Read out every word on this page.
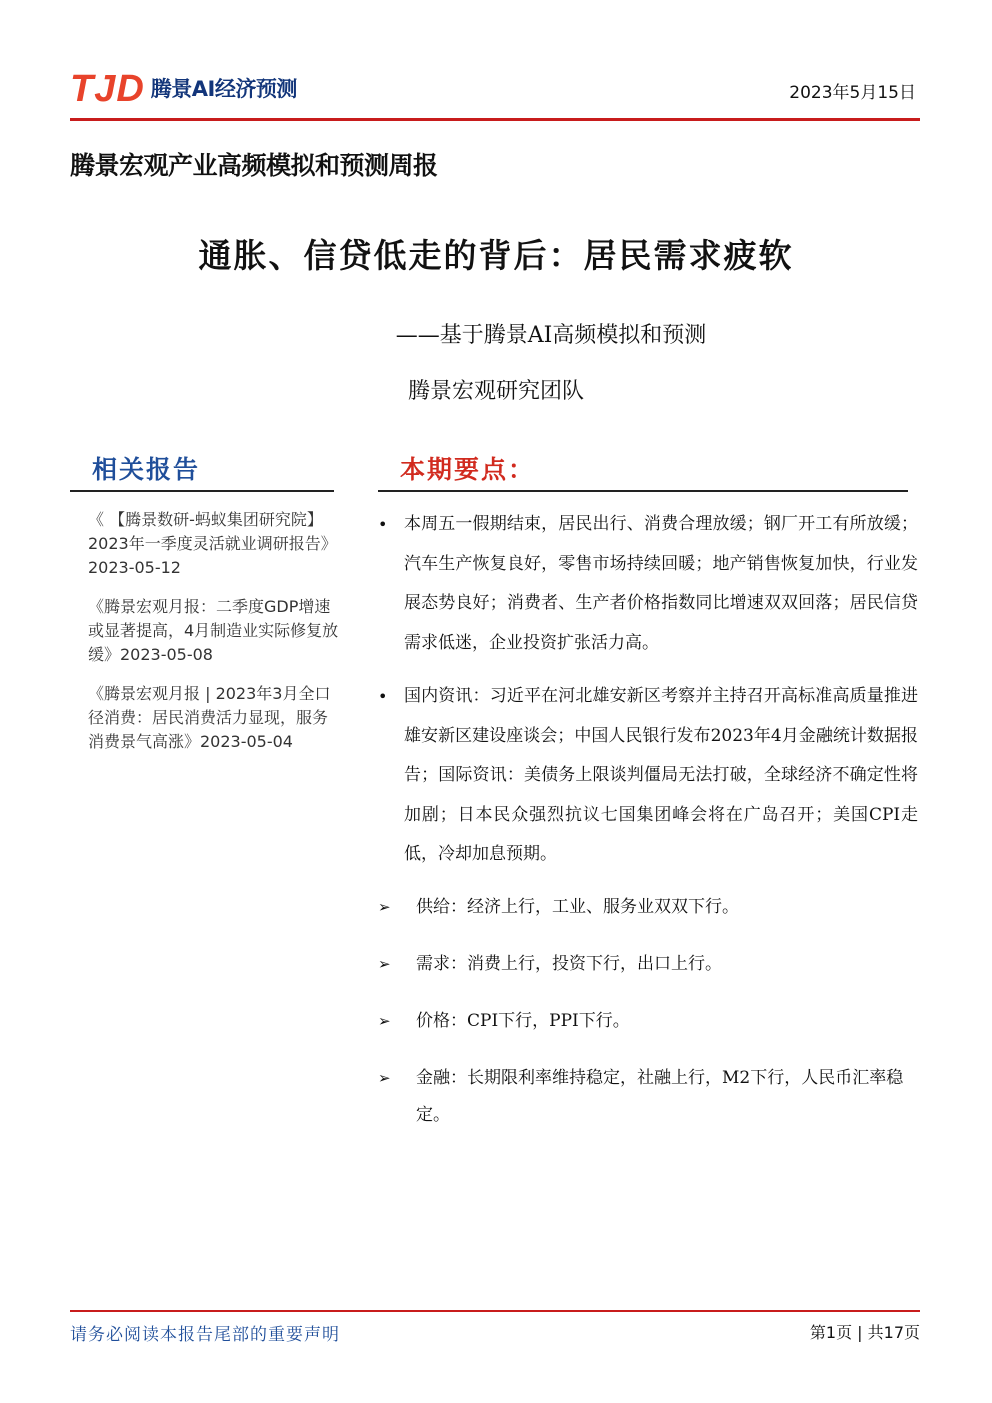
TJD 腾景AI经济预测	2023年5月15日
腾景宏观产业高频模拟和预测周报
通胀、信贷低走的背后：居民需求疲软
——基于腾景AI高频模拟和预测
腾景宏观研究团队
相关报告
《 【腾景数研-蚂蚁集团研究院】2023年一季度灵活就业调研报告》2023-05-12
《腾景宏观月报：二季度GDP增速或显著提高，4月制造业实际修复放缓》2023-05-08
《腾景宏观月报 | 2023年3月全口径消费：居民消费活力显现，服务消费景气高涨》2023-05-04
本期要点：
• 本周五一假期结束，居民出行、消费合理放缓；钢厂开工有所放缓；汽车生产恢复良好，零售市场持续回暖；地产销售恢复加快，行业发展态势良好；消费者、生产者价格指数同比增速双双回落；居民信贷需求低迷，企业投资扩张活力高。
• 国内资讯：习近平在河北雄安新区考察并主持召开高标准高质量推进雄安新区建设座谈会；中国人民银行发布2023年4月金融统计数据报告；国际资讯：美债务上限谈判僵局无法打破，全球经济不确定性将加剧；日本民众强烈抗议七国集团峰会将在广岛召开；美国CPI走低，冷却加息预期。
➢ 供给：经济上行，工业、服务业双双下行。
➢ 需求：消费上行，投资下行，出口上行。
➢ 价格：CPI下行，PPI下行。
➢ 金融：长期限利率维持稳定，社融上行，M2下行，人民币汇率稳定。
请务必阅读本报告尾部的重要声明	第1页 | 共17页
